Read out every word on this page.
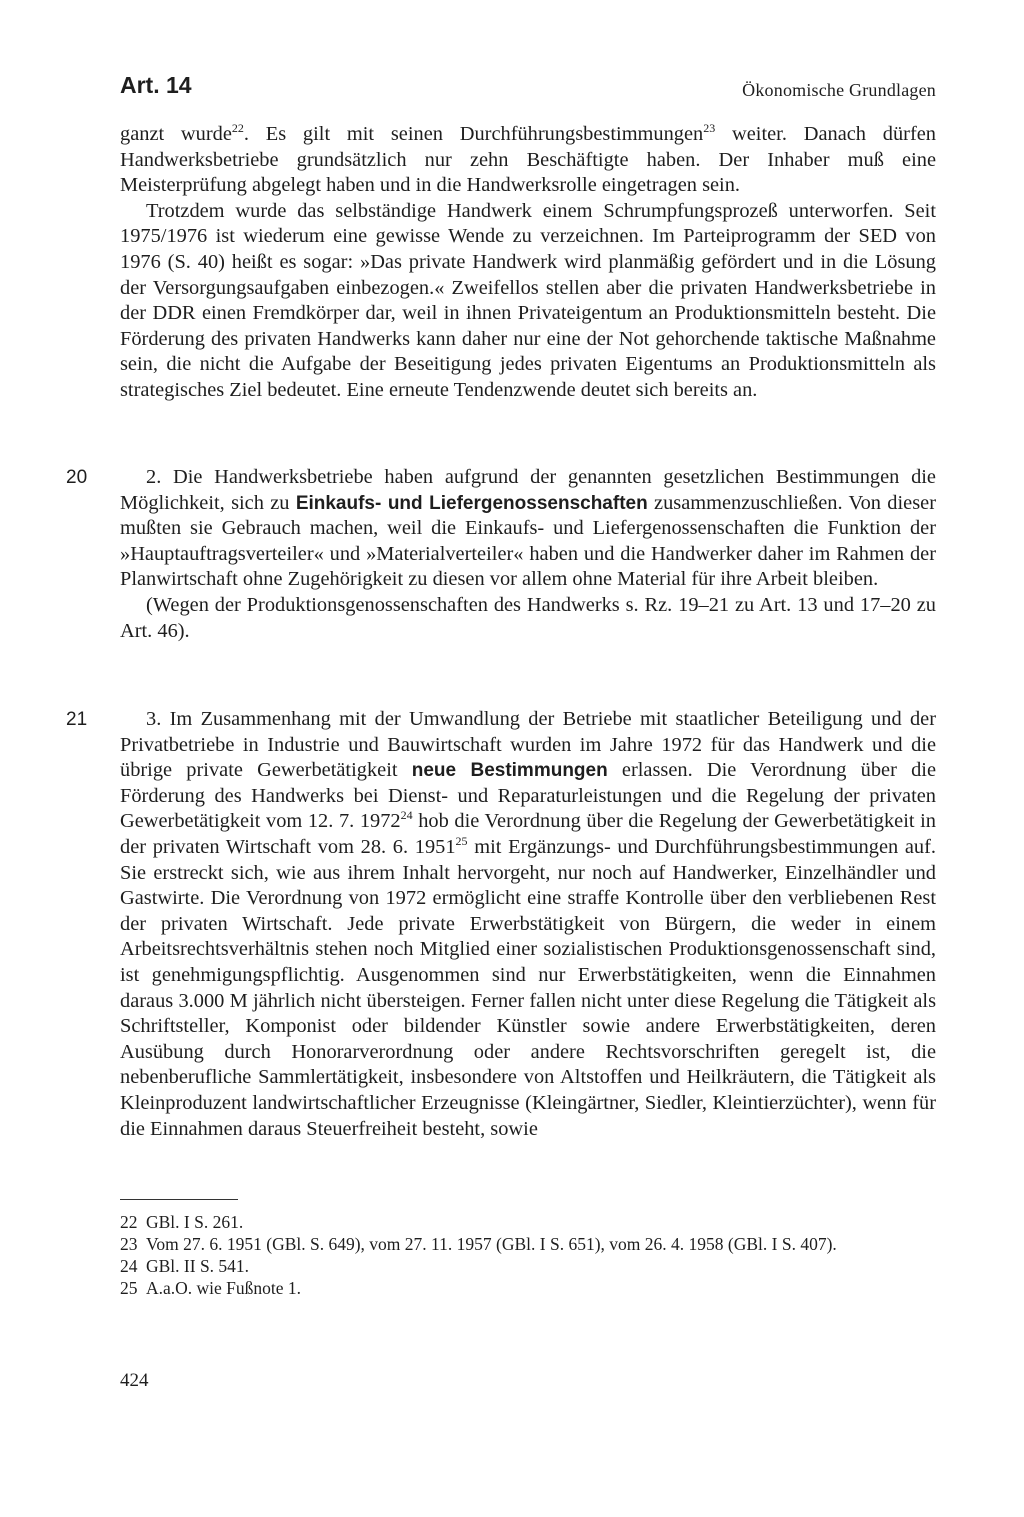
Art. 14	Ökonomische Grundlagen

ganzt wurde$^{22}$. Es gilt mit seinen Durchführungsbestimmungen$^{23}$ weiter. Danach dürfen Handwerksbetriebe grundsätzlich nur zehn Beschäftigte haben. Der Inhaber muß eine Meisterprüfung abgelegt haben und in die Handwerksrolle eingetragen sein.

Trotzdem wurde das selbständige Handwerk einem Schrumpfungsprozeß unterworfen. Seit 1975/1976 ist wiederum eine gewisse Wende zu verzeichnen. Im Parteiprogramm der SED von 1976 (S. 40) heißt es sogar: »Das private Handwerk wird planmäßig gefördert und in die Lösung der Versorgungsaufgaben einbezogen.« Zweifellos stellen aber die privaten Handwerksbetriebe in der DDR einen Fremdkörper dar, weil in ihnen Privateigentum an Produktionsmitteln besteht. Die Förderung des privaten Handwerks kann daher nur eine der Not gehorchende taktische Maßnahme sein, die nicht die Aufgabe der Beseitigung jedes privaten Eigentums an Produktionsmitteln als strategisches Ziel bedeutet. Eine erneute Tendenzwende deutet sich bereits an.

20	2. Die Handwerksbetriebe haben aufgrund der genannten gesetzlichen Bestimmungen die Möglichkeit, sich zu Einkaufs- und Liefergenossenschaften zusammenzuschließen. Von dieser mußten sie Gebrauch machen, weil die Einkaufs- und Liefergenossenschaften die Funktion der »Hauptauftragsverteiler« und »Materialverteiler« haben und die Handwerker daher im Rahmen der Planwirtschaft ohne Zugehörigkeit zu diesen vor allem ohne Material für ihre Arbeit bleiben.

(Wegen der Produktionsgenossenschaften des Handwerks s. Rz. 19–21 zu Art. 13 und 17–20 zu Art. 46).

21	3. Im Zusammenhang mit der Umwandlung der Betriebe mit staatlicher Beteiligung und der Privatbetriebe in Industrie und Bauwirtschaft wurden im Jahre 1972 für das Handwerk und die übrige private Gewerbetätigkeit neue Bestimmungen erlassen. Die Verordnung über die Förderung des Handwerks bei Dienst- und Reparaturleistungen und die Regelung der privaten Gewerbetätigkeit vom 12. 7. 1972$^{24}$ hob die Verordnung über die Regelung der Gewerbetätigkeit in der privaten Wirtschaft vom 28. 6. 1951$^{25}$ mit Ergänzungs- und Durchführungsbestimmungen auf. Sie erstreckt sich, wie aus ihrem Inhalt hervorgeht, nur noch auf Handwerker, Einzelhändler und Gastwirte. Die Verordnung von 1972 ermöglicht eine straffe Kontrolle über den verbliebenen Rest der privaten Wirtschaft. Jede private Erwerbstätigkeit von Bürgern, die weder in einem Arbeitsrechtsverhältnis stehen noch Mitglied einer sozialistischen Produktionsgenossenschaft sind, ist genehmigungspflichtig. Ausgenommen sind nur Erwerbstätigkeiten, wenn die Einnahmen daraus 3.000 M jährlich nicht übersteigen. Ferner fallen nicht unter diese Regelung die Tätigkeit als Schriftsteller, Komponist oder bildender Künstler sowie andere Erwerbstätigkeiten, deren Ausübung durch Honorarverordnung oder andere Rechtsvorschriften geregelt ist, die nebenberufliche Sammlertätigkeit, insbesondere von Altstoffen und Heilkräutern, die Tätigkeit als Kleinproduzent landwirtschaftlicher Erzeugnisse (Kleingärtner, Siedler, Kleintierzüchter), wenn für die Einnahmen daraus Steuerfreiheit besteht, sowie

22 GBl. I S. 261.
23 Vom 27. 6. 1951 (GBl. S. 649), vom 27. 11. 1957 (GBl. I S. 651), vom 26. 4. 1958 (GBl. I S. 407).
24 GBl. II S. 541.
25 A.a.O. wie Fußnote 1.
424
